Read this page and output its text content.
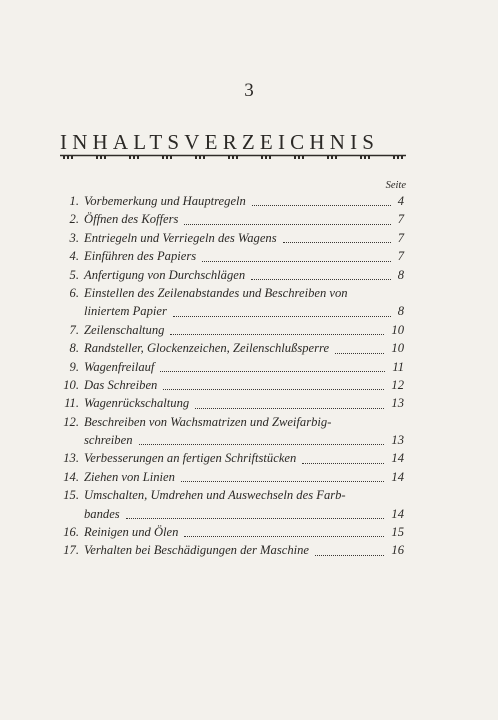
3
INHALTSVERZEICHNIS
Seite
1. Vorbemerkung und Hauptregeln	4
2. Öffnen des Koffers	7
3. Entriegeln und Verriegeln des Wagens	7
4. Einführen des Papiers	7
5. Anfertigung von Durchschlägen	8
6. Einstellen des Zeilenabstandes und Beschreiben von
liniertem Papier	8
7. Zeilenschaltung	10
8. Randsteller, Glockenzeichen, Zeilenschlußsperre	10
9. Wagenfreilauf	11
10. Das Schreiben	12
11. Wagenrückschaltung	13
12. Beschreiben von Wachsmatrizen und Zweifarbig-
schreiben	13
13. Verbesserungen an fertigen Schriftstücken	14
14. Ziehen von Linien	14
15. Umschalten, Umdrehen und Auswechseln des Farb-
bandes	14
16. Reinigen und Ölen	15
17. Verhalten bei Beschädigungen der Maschine	16
